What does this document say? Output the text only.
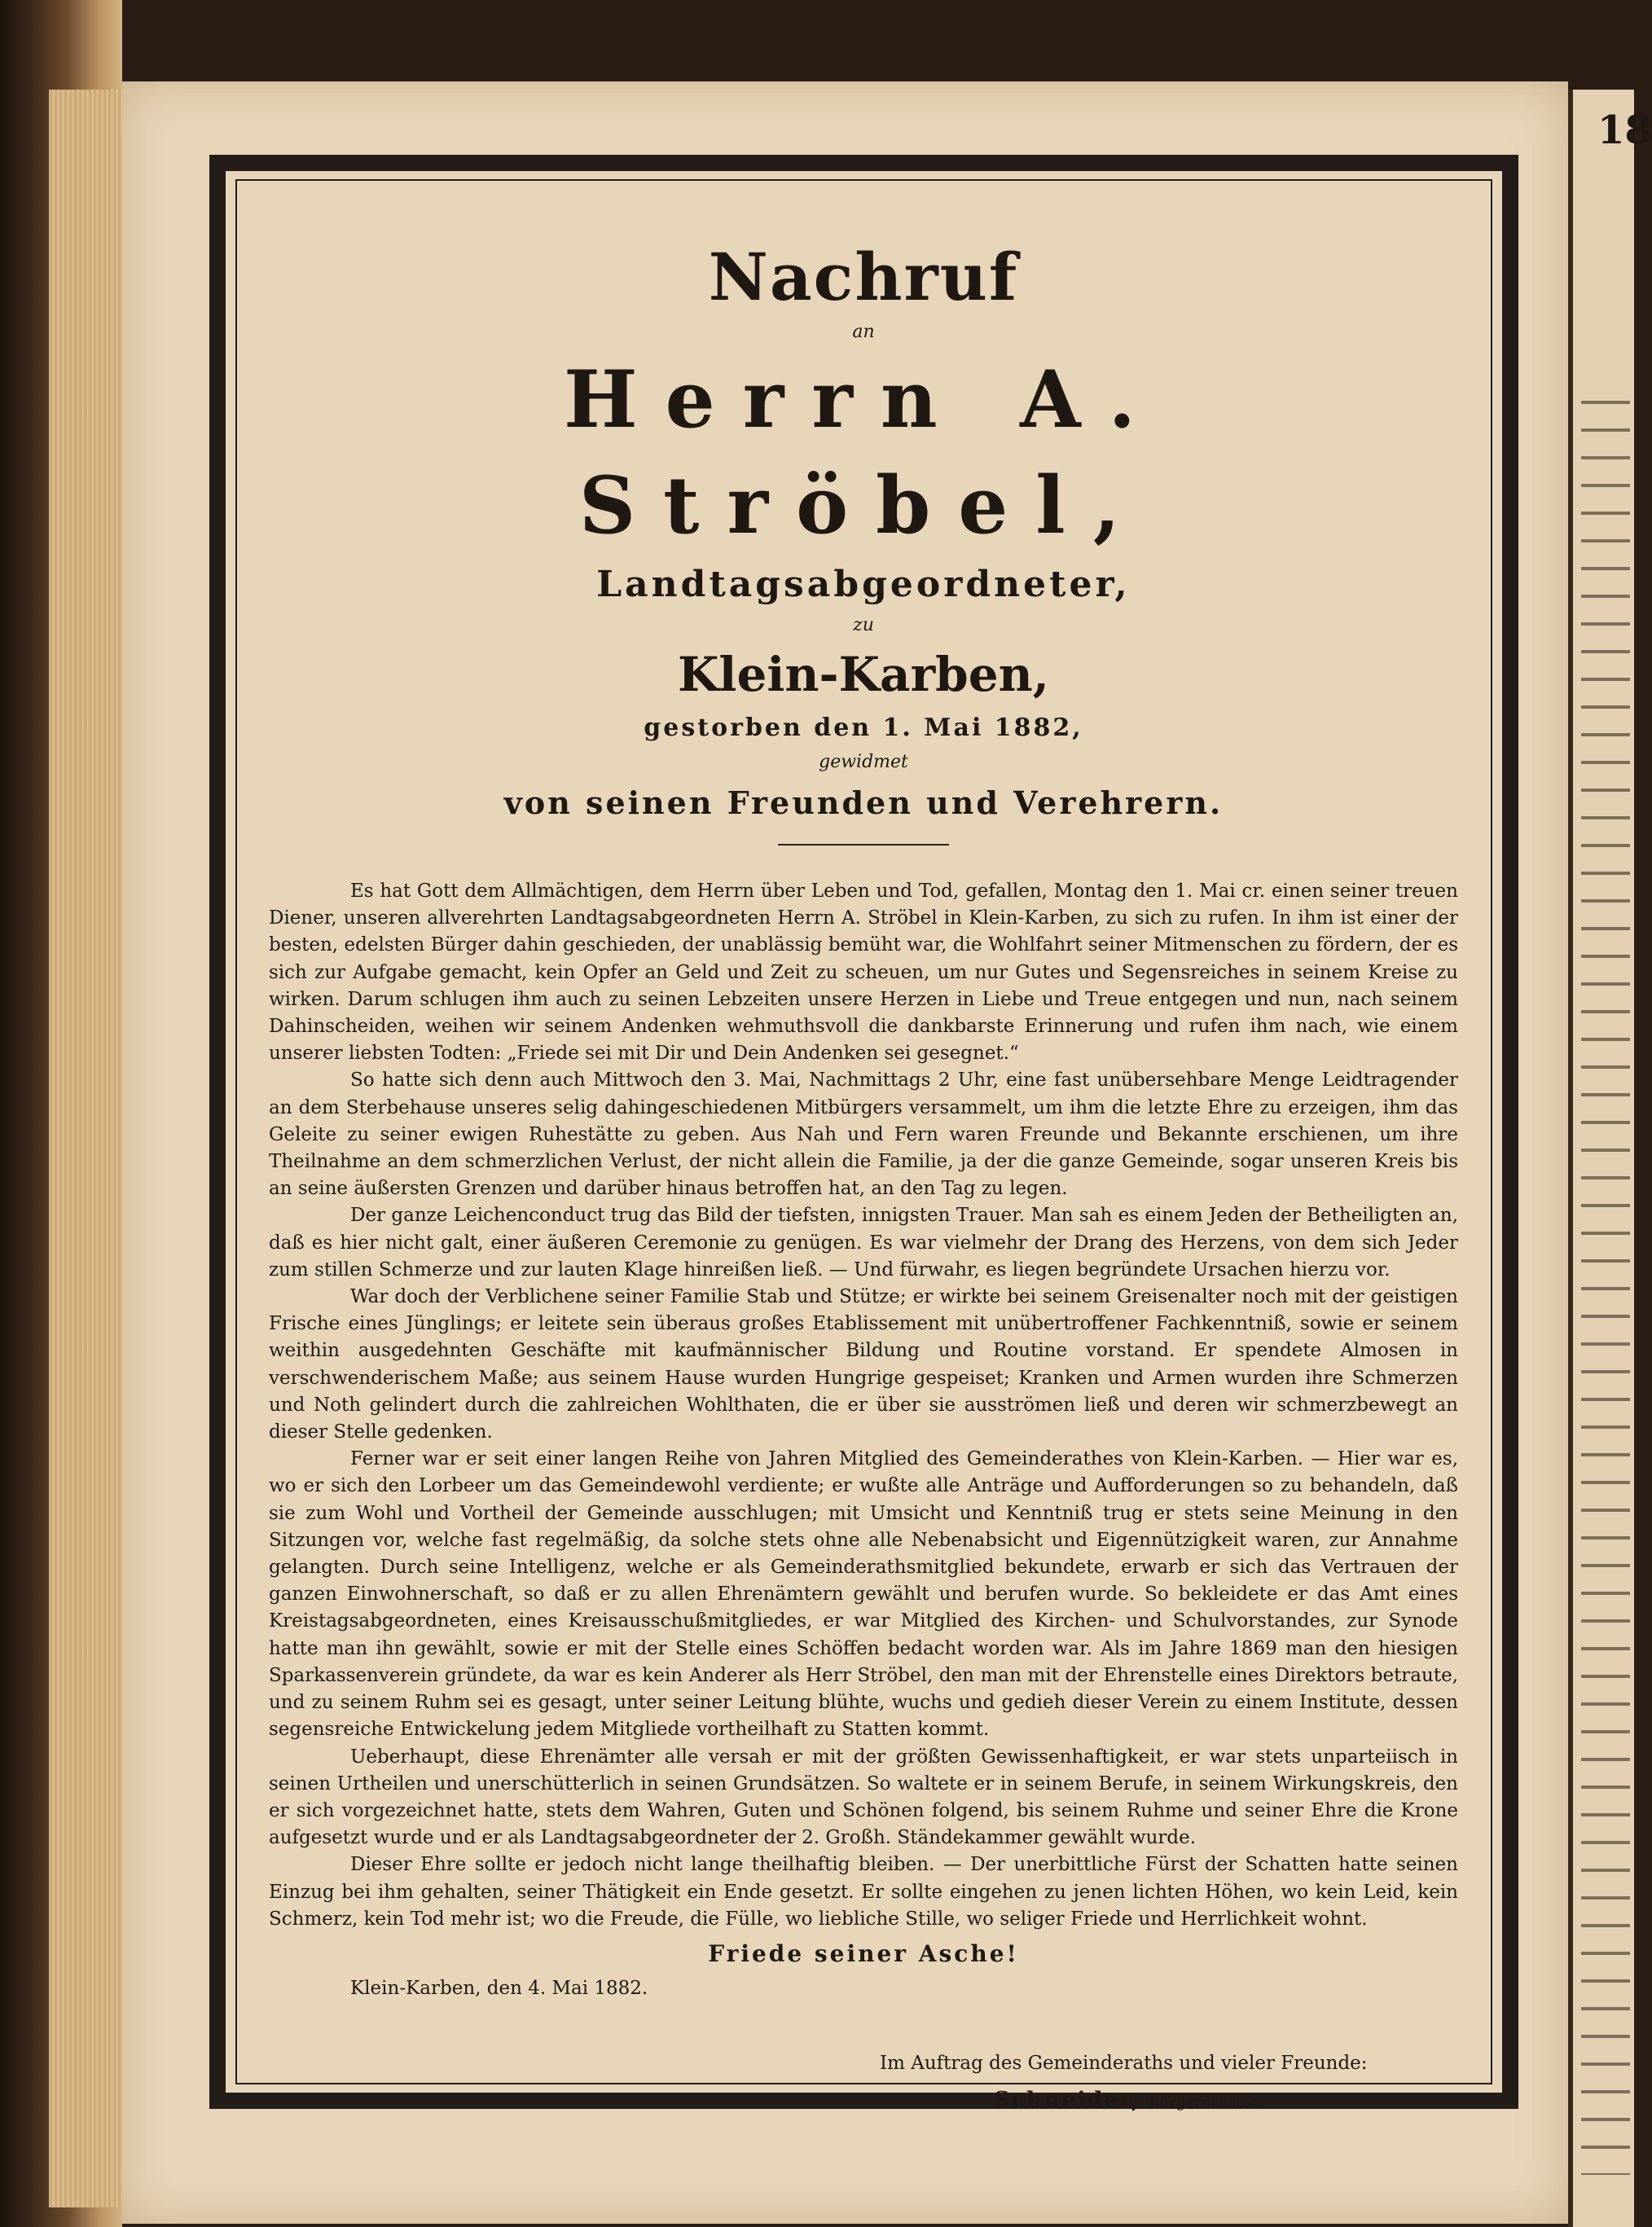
18

Nachruf

an

Herrn A. Ströbel,

Landtagsabgeordneter,

zu

Klein-Karben,

gestorben den 1. Mai 1882,

gewidmet

von seinen Freunden und Verehrern.

Es hat Gott dem Allmächtigen, dem Herrn über Leben und Tod, gefallen, Montag den 1. Mai cr. einen seiner treuen Diener, unseren allverehrten Landtagsabgeordneten Herrn A. Ströbel in Klein-Karben, zu sich zu rufen. In ihm ist einer der besten, edelsten Bürger dahin geschieden, der unablässig bemüht war, die Wohlfahrt seiner Mitmenschen zu fördern, der es sich zur Aufgabe gemacht, kein Opfer an Geld und Zeit zu scheuen, um nur Gutes und Segensreiches in seinem Kreise zu wirken. Darum schlugen ihm auch zu seinen Lebzeiten unsere Herzen in Liebe und Treue entgegen und nun, nach seinem Dahinscheiden, weihen wir seinem Andenken wehmuthsvoll die dankbarste Erinnerung und rufen ihm nach, wie einem unserer liebsten Todten: „Friede sei mit Dir und Dein Andenken sei gesegnet.“

So hatte sich denn auch Mittwoch den 3. Mai, Nachmittags 2 Uhr, eine fast unübersehbare Menge Leidtragender an dem Sterbehause unseres selig dahingeschiedenen Mitbürgers versammelt, um ihm die letzte Ehre zu erzeigen, ihm das Geleite zu seiner ewigen Ruhestätte zu geben. Aus Nah und Fern waren Freunde und Bekannte erschienen, um ihre Theilnahme an dem schmerzlichen Verlust, der nicht allein die Familie, ja der die ganze Gemeinde, sogar unseren Kreis bis an seine äußersten Grenzen und darüber hinaus betroffen hat, an den Tag zu legen.

Der ganze Leichenconduct trug das Bild der tiefsten, innigsten Trauer. Man sah es einem Jeden der Betheiligten an, daß es hier nicht galt, einer äußeren Ceremonie zu genügen. Es war vielmehr der Drang des Herzens, von dem sich Jeder zum stillen Schmerze und zur lauten Klage hinreißen ließ. — Und fürwahr, es liegen begründete Ursachen hierzu vor.

War doch der Verblichene seiner Familie Stab und Stütze; er wirkte bei seinem Greisenalter noch mit der geistigen Frische eines Jünglings; er leitete sein überaus großes Etablissement mit unübertroffener Fachkenntniß, sowie er seinem weithin ausgedehnten Geschäfte mit kaufmännischer Bildung und Routine vorstand. Er spendete Almosen in verschwenderischem Maße; aus seinem Hause wurden Hungrige gespeiset; Kranken und Armen wurden ihre Schmerzen und Noth gelindert durch die zahlreichen Wohlthaten, die er über sie ausströmen ließ und deren wir schmerzbewegt an dieser Stelle gedenken.

Ferner war er seit einer langen Reihe von Jahren Mitglied des Gemeinderathes von Klein-Karben. — Hier war es, wo er sich den Lorbeer um das Gemeindewohl verdiente; er wußte alle Anträge und Aufforderungen so zu behandeln, daß sie zum Wohl und Vortheil der Gemeinde ausschlugen; mit Umsicht und Kenntniß trug er stets seine Meinung in den Sitzungen vor, welche fast regelmäßig, da solche stets ohne alle Nebenabsicht und Eigennützigkeit waren, zur Annahme gelangten. Durch seine Intelligenz, welche er als Gemeinderathsmitglied bekundete, erwarb er sich das Vertrauen der ganzen Einwohnerschaft, so daß er zu allen Ehrenämtern gewählt und berufen wurde. So bekleidete er das Amt eines Kreistagsabgeordneten, eines Kreisausschußmitgliedes, er war Mitglied des Kirchen- und Schulvorstandes, zur Synode hatte man ihn gewählt, sowie er mit der Stelle eines Schöffen bedacht worden war. Als im Jahre 1869 man den hiesigen Sparkassenverein gründete, da war es kein Anderer als Herr Ströbel, den man mit der Ehrenstelle eines Direktors betraute, und zu seinem Ruhm sei es gesagt, unter seiner Leitung blühte, wuchs und gedieh dieser Verein zu einem Institute, dessen segensreiche Entwickelung jedem Mitgliede vortheilhaft zu Statten kommt.

Ueberhaupt, diese Ehrenämter alle versah er mit der größten Gewissenhaftigkeit, er war stets unparteiisch in seinen Urtheilen und unerschütterlich in seinen Grundsätzen. So waltete er in seinem Berufe, in seinem Wirkungskreis, den er sich vorgezeichnet hatte, stets dem Wahren, Guten und Schönen folgend, bis seinem Ruhme und seiner Ehre die Krone aufgesetzt wurde und er als Landtagsabgeordneter der 2. Großh. Ständekammer gewählt wurde.

Dieser Ehre sollte er jedoch nicht lange theilhaftig bleiben. — Der unerbittliche Fürst der Schatten hatte seinen Einzug bei ihm gehalten, seiner Thätigkeit ein Ende gesetzt. Er sollte eingehen zu jenen lichten Höhen, wo kein Leid, kein Schmerz, kein Tod mehr ist; wo die Freude, die Fülle, wo liebliche Stille, wo seliger Friede und Herrlichkeit wohnt.

Friede seiner Asche!

Klein-Karben, den 4. Mai 1882.

Im Auftrag des Gemeinderaths und vieler Freunde:

Schneider, Bürgermeister.
